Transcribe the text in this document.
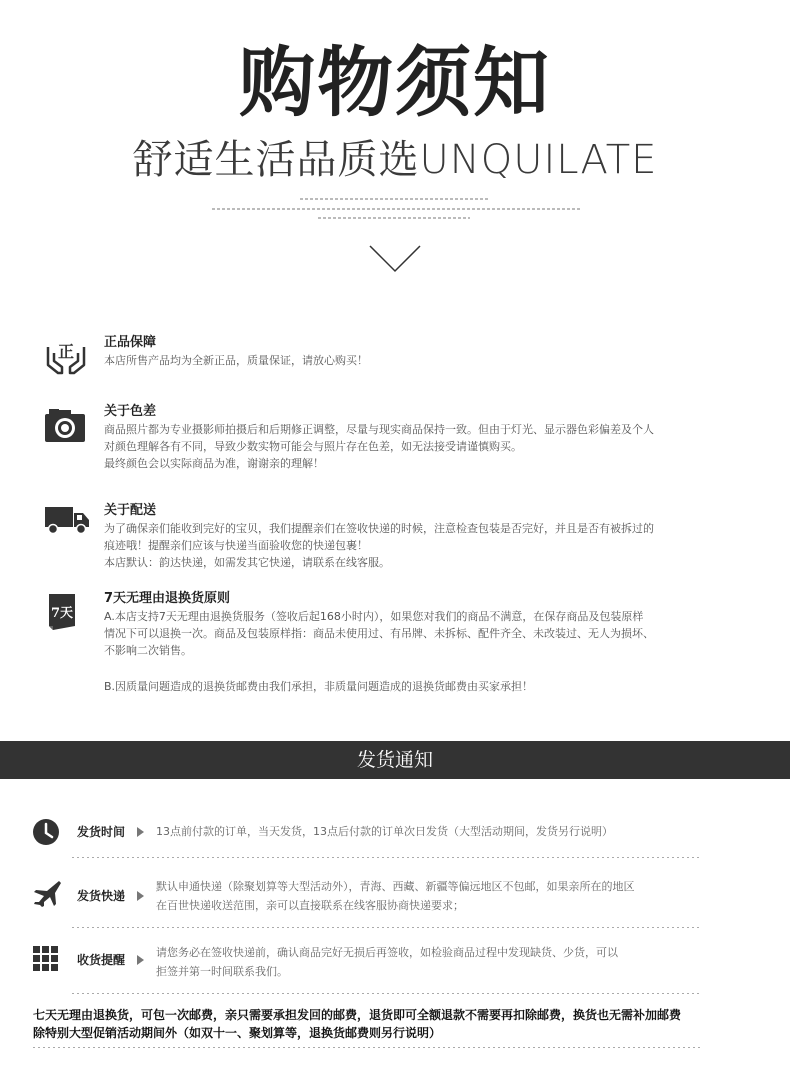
购物须知
舒适生活品质选UNQUILATE
正 正品保障
本店所售产品均为全新正品，质量保证，请放心购买！
关于色差
商品照片都为专业摄影师拍摄后和后期修正调整，尽量与现实商品保持一致。但由于灯光、显示器色彩偏差及个人
对颜色理解各有不同，导致少数实物可能会与照片存在色差，如无法接受请谨慎购买。
最终颜色会以实际商品为准，谢谢亲的理解！
关于配送
为了确保亲们能收到完好的宝贝，我们提醒亲们在签收快递的时候，注意检查包装是否完好，并且是否有被拆过的
痕迹哦！提醒亲们应该与快递当面验收您的快递包裹！
本店默认：韵达快递，如需发其它快递，请联系在线客服。
7天
7天无理由退换货原则
A.本店支持7天无理由退换货服务（签收后起168小时内），如果您对我们的商品不满意，在保存商品及包装原样
情况下可以退换一次。商品及包装原样指：商品未使用过、有吊牌、未拆标、配件齐全、未改装过、无人为损坏、
不影响二次销售。
B.因质量问题造成的退换货邮费由我们承担，非质量问题造成的退换货邮费由买家承担！
发货通知
发货时间	13点前付款的订单，当天发货，13点后付款的订单次日发货（大型活动期间，发货另行说明）
发货快递
默认申通快递（除聚划算等大型活动外），青海、西藏、新疆等偏远地区不包邮，如果亲所在的地区
在百世快递收送范围，亲可以直接联系在线客服协商快递要求；
收货提醒
请您务必在签收快递前，确认商品完好无损后再签收，如检验商品过程中发现缺货、少货，可以
拒签并第一时间联系我们。
七天无理由退换货，可包一次邮费，亲只需要承担发回的邮费，退货即可全额退款不需要再扣除邮费，换货也无需补加邮费
除特别大型促销活动期间外（如双十一、聚划算等，退换货邮费则另行说明）
